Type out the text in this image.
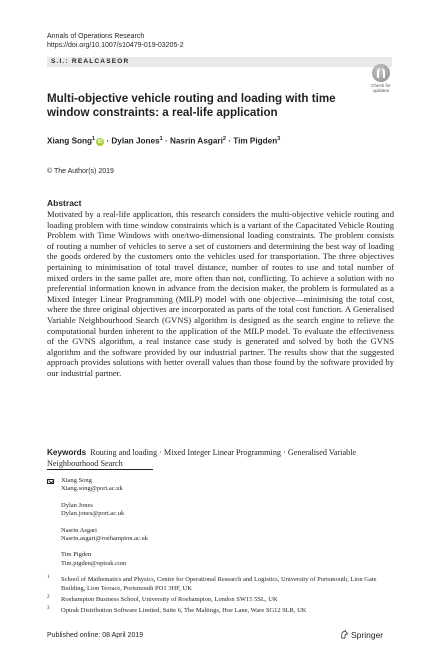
Annals of Operations Research
https://doi.org/10.1007/s10479-019-03205-2
S.I.: REALCASEOR
Check for updates
Multi-objective vehicle routing and loading with time window constraints: a real-life application
Xiang Song$^1$ iD · Dylan Jones$^1$ · Nasrin Asgari$^2$ · Tim Pigden$^3$
© The Author(s) 2019
Abstract
Motivated by a real-life application, this research considers the multi-objective vehicle routing and loading problem with time window constraints which is a variant of the Capacitated Vehicle Routing Problem with Time Windows with one/two-dimensional loading constraints. The problem consists of routing a number of vehicles to serve a set of customers and determining the best way of loading the goods ordered by the customers onto the vehicles used for transportation. The three objectives pertaining to minimisation of total travel distance, number of routes to use and total number of mixed orders in the same pallet are, more often than not, conflicting. To achieve a solution with no preferential information known in advance from the decision maker, the problem is formulated as a Mixed Integer Linear Programming (MILP) model with one objective—minimising the total cost, where the three original objectives are incorporated as parts of the total cost function. A Generalised Variable Neighbourhood Search (GVNS) algorithm is designed as the search engine to relieve the computational burden inherent to the application of the MILP model. To evaluate the effectiveness of the GVNS algorithm, a real instance case study is generated and solved by both the GVNS algorithm and the software provided by our industrial partner. The results show that the suggested approach provides solutions with better overall values than those found by the software provided by our industrial partner.
Keywords Routing and loading · Mixed Integer Linear Programming · Generalised Variable Neighbourhood Search
Xiang Song
Xiang.song@port.ac.uk
Dylan Jones
Dylan.jones@port.ac.uk
Nasrin Asgari
Nasrin.asgari@roehampton.ac.uk
Tim Pigden
Tim.pigden@optrak.com
1 School of Mathematics and Physics, Centre for Operational Research and Logistics, University of Portsmouth, Lion Gate Building, Lion Terrace, Portsmouth PO1 3HF, UK
2 Roehampton Business School, University of Roehampton, London SW15 5SL, UK
3 Optrak Distribution Software Limited, Suite 6, The Maltings, Hoe Lane, Ware SG12 9LR, UK
Published online: 08 April 2019	Springer
